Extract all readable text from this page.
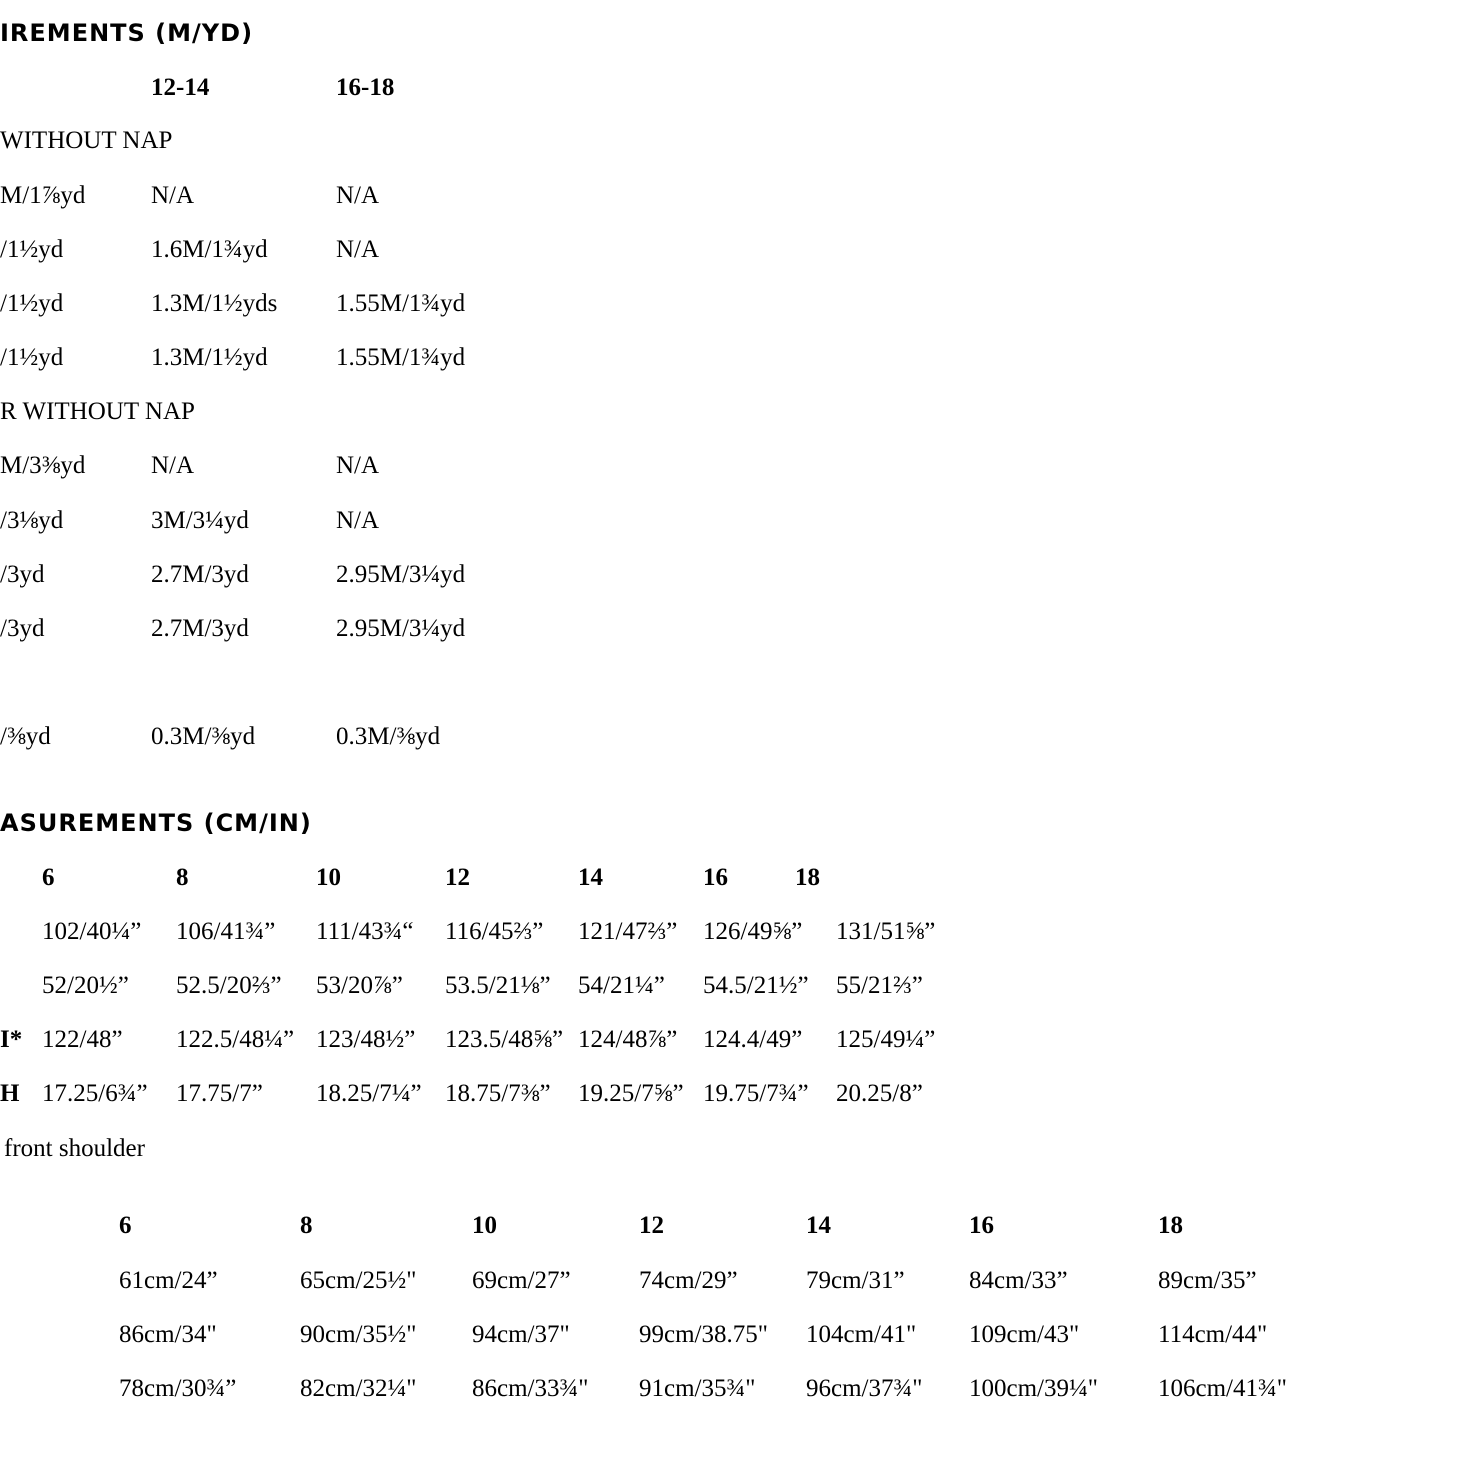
IREMENTS (M/YD)
12-14	16-18
WITHOUT NAP
M/1⅞yd	N/A	N/A
/1½yd	1.6M/1¾yd	N/A
/1½yd	1.3M/1½yds 1.55M/1¾yd
/1½yd	1.3M/1½yd	1.55M/1¾yd
R WITHOUT NAP
M/3⅜yd	N/A	N/A
/3⅛yd	3M/3¼yd	N/A
/3yd	2.7M/3yd	2.95M/3¼yd
/3yd	2.7M/3yd	2.95M/3¼yd
/⅜yd	0.3M/⅜yd	0.3M/⅜yd
ASUREMENTS (CM/IN)
6	8	10	12	14	16	18
102/40¼” 106/41¾” 111/43¾“ 116/45⅔” 121/47⅔” 126/49⅝” 131/51⅝”
52/20½” 52.5/20⅔” 53/20⅞” 53.5/21⅛” 54/21¼” 54.5/21½” 55/21⅔”
I* 122/48” 122.5/48¼” 123/48½” 123.5/48⅝” 124/48⅞” 124.4/49” 125/49¼”
H 17.25/6¾” 17.75/7” 18.25/7¼” 18.75/7⅜” 19.25/7⅝” 19.75/7¾” 20.25/8”
front shoulder
6	8	10	12	14	16	18
61cm/24”	65cm/25½" 69cm/27”	74cm/29”	79cm/31”	84cm/33”	89cm/35”
86cm/34"	90cm/35½" 94cm/37"	99cm/38.75" 104cm/41" 109cm/43"	114cm/44"
78cm/30¾”	82cm/32¼" 86cm/33¾" 91cm/35¾" 96cm/37¾" 100cm/39¼" 106cm/41¾"
